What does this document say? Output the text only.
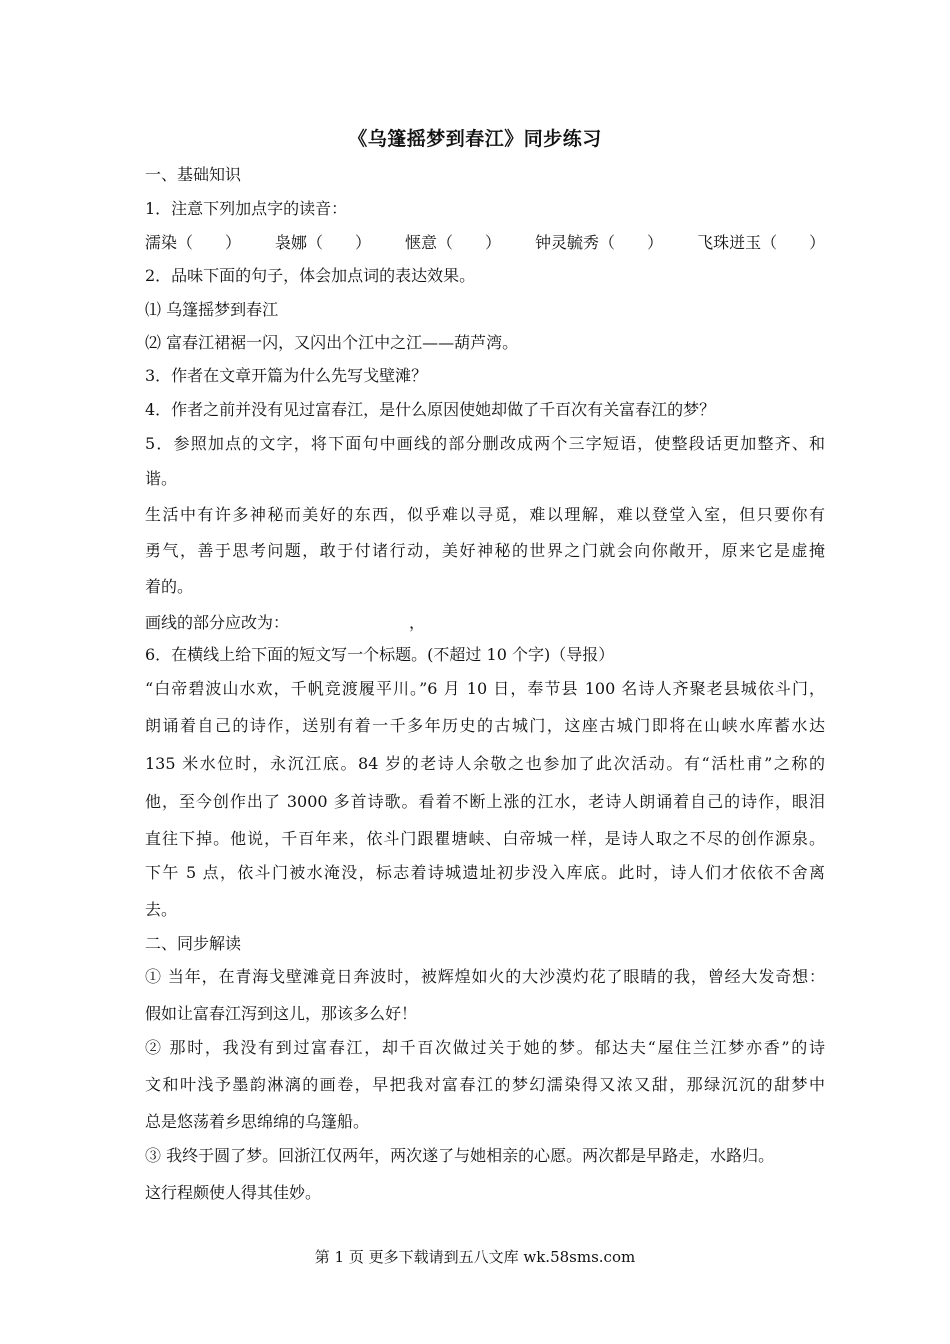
《乌篷摇梦到春江》同步练习
一、基础知识
1．注意下列加点字的读音：
濡染（　　） 袅娜（　　） 惬意（　　） 钟灵毓秀（　　） 飞珠迸玉（　　）
2．品味下面的句子，体会加点词的表达效果。
⑴ 乌篷摇梦到春江
⑵ 富春江裙裾一闪，又闪出个江中之江——葫芦湾。
3．作者在文章开篇为什么先写戈壁滩？
4．作者之前并没有见过富春江，是什么原因使她却做了千百次有关富春江的梦？
5．参照加点的文字，将下面句中画线的部分删改成两个三字短语，使整段话更加整齐、和
谐。
生活中有许多神秘而美好的东西，似乎难以寻觅，难以理解，难以登堂入室，但只要你有
勇气，善于思考问题，敢于付诸行动，美好神秘的世界之门就会向你敞开，原来它是虚掩
着的。
画线的部分应改为：　　　　　　　　，
6．在横线上给下面的短文写一个标题。(不超过 10 个字)（导报）
“白帝碧波山水欢，千帆竞渡履平川。”6 月 10 日，奉节县 100 名诗人齐聚老县城依斗门，
朗诵着自己的诗作，送别有着一千多年历史的古城门，这座古城门即将在山峡水库蓄水达
135 米水位时，永沉江底。84 岁的老诗人余敬之也参加了此次活动。有“活杜甫”之称的
他，至今创作出了 3000 多首诗歌。看着不断上涨的江水，老诗人朗诵着自己的诗作，眼泪
直往下掉。他说，千百年来，依斗门跟瞿塘峡、白帝城一样，是诗人取之不尽的创作源泉。
下午 5 点，依斗门被水淹没，标志着诗城遗址初步没入库底。此时，诗人们才依依不舍离
去。
二、同步解读
① 当年，在青海戈壁滩竟日奔波时，被辉煌如火的大沙漠灼花了眼睛的我，曾经大发奇想：
假如让富春江泻到这儿，那该多么好！
② 那时，我没有到过富春江，却千百次做过关于她的梦。郁达夫“屋住兰江梦亦香”的诗
文和叶浅予墨韵淋漓的画卷，早把我对富春江的梦幻濡染得又浓又甜，那绿沉沉的甜梦中
总是悠荡着乡思绵绵的乌篷船。
③ 我终于圆了梦。回浙江仅两年，两次遂了与她相亲的心愿。两次都是早路走，水路归。
这行程颇使人得其佳妙。
第 1 页 更多下载请到五八文库 wk.58sms.com
